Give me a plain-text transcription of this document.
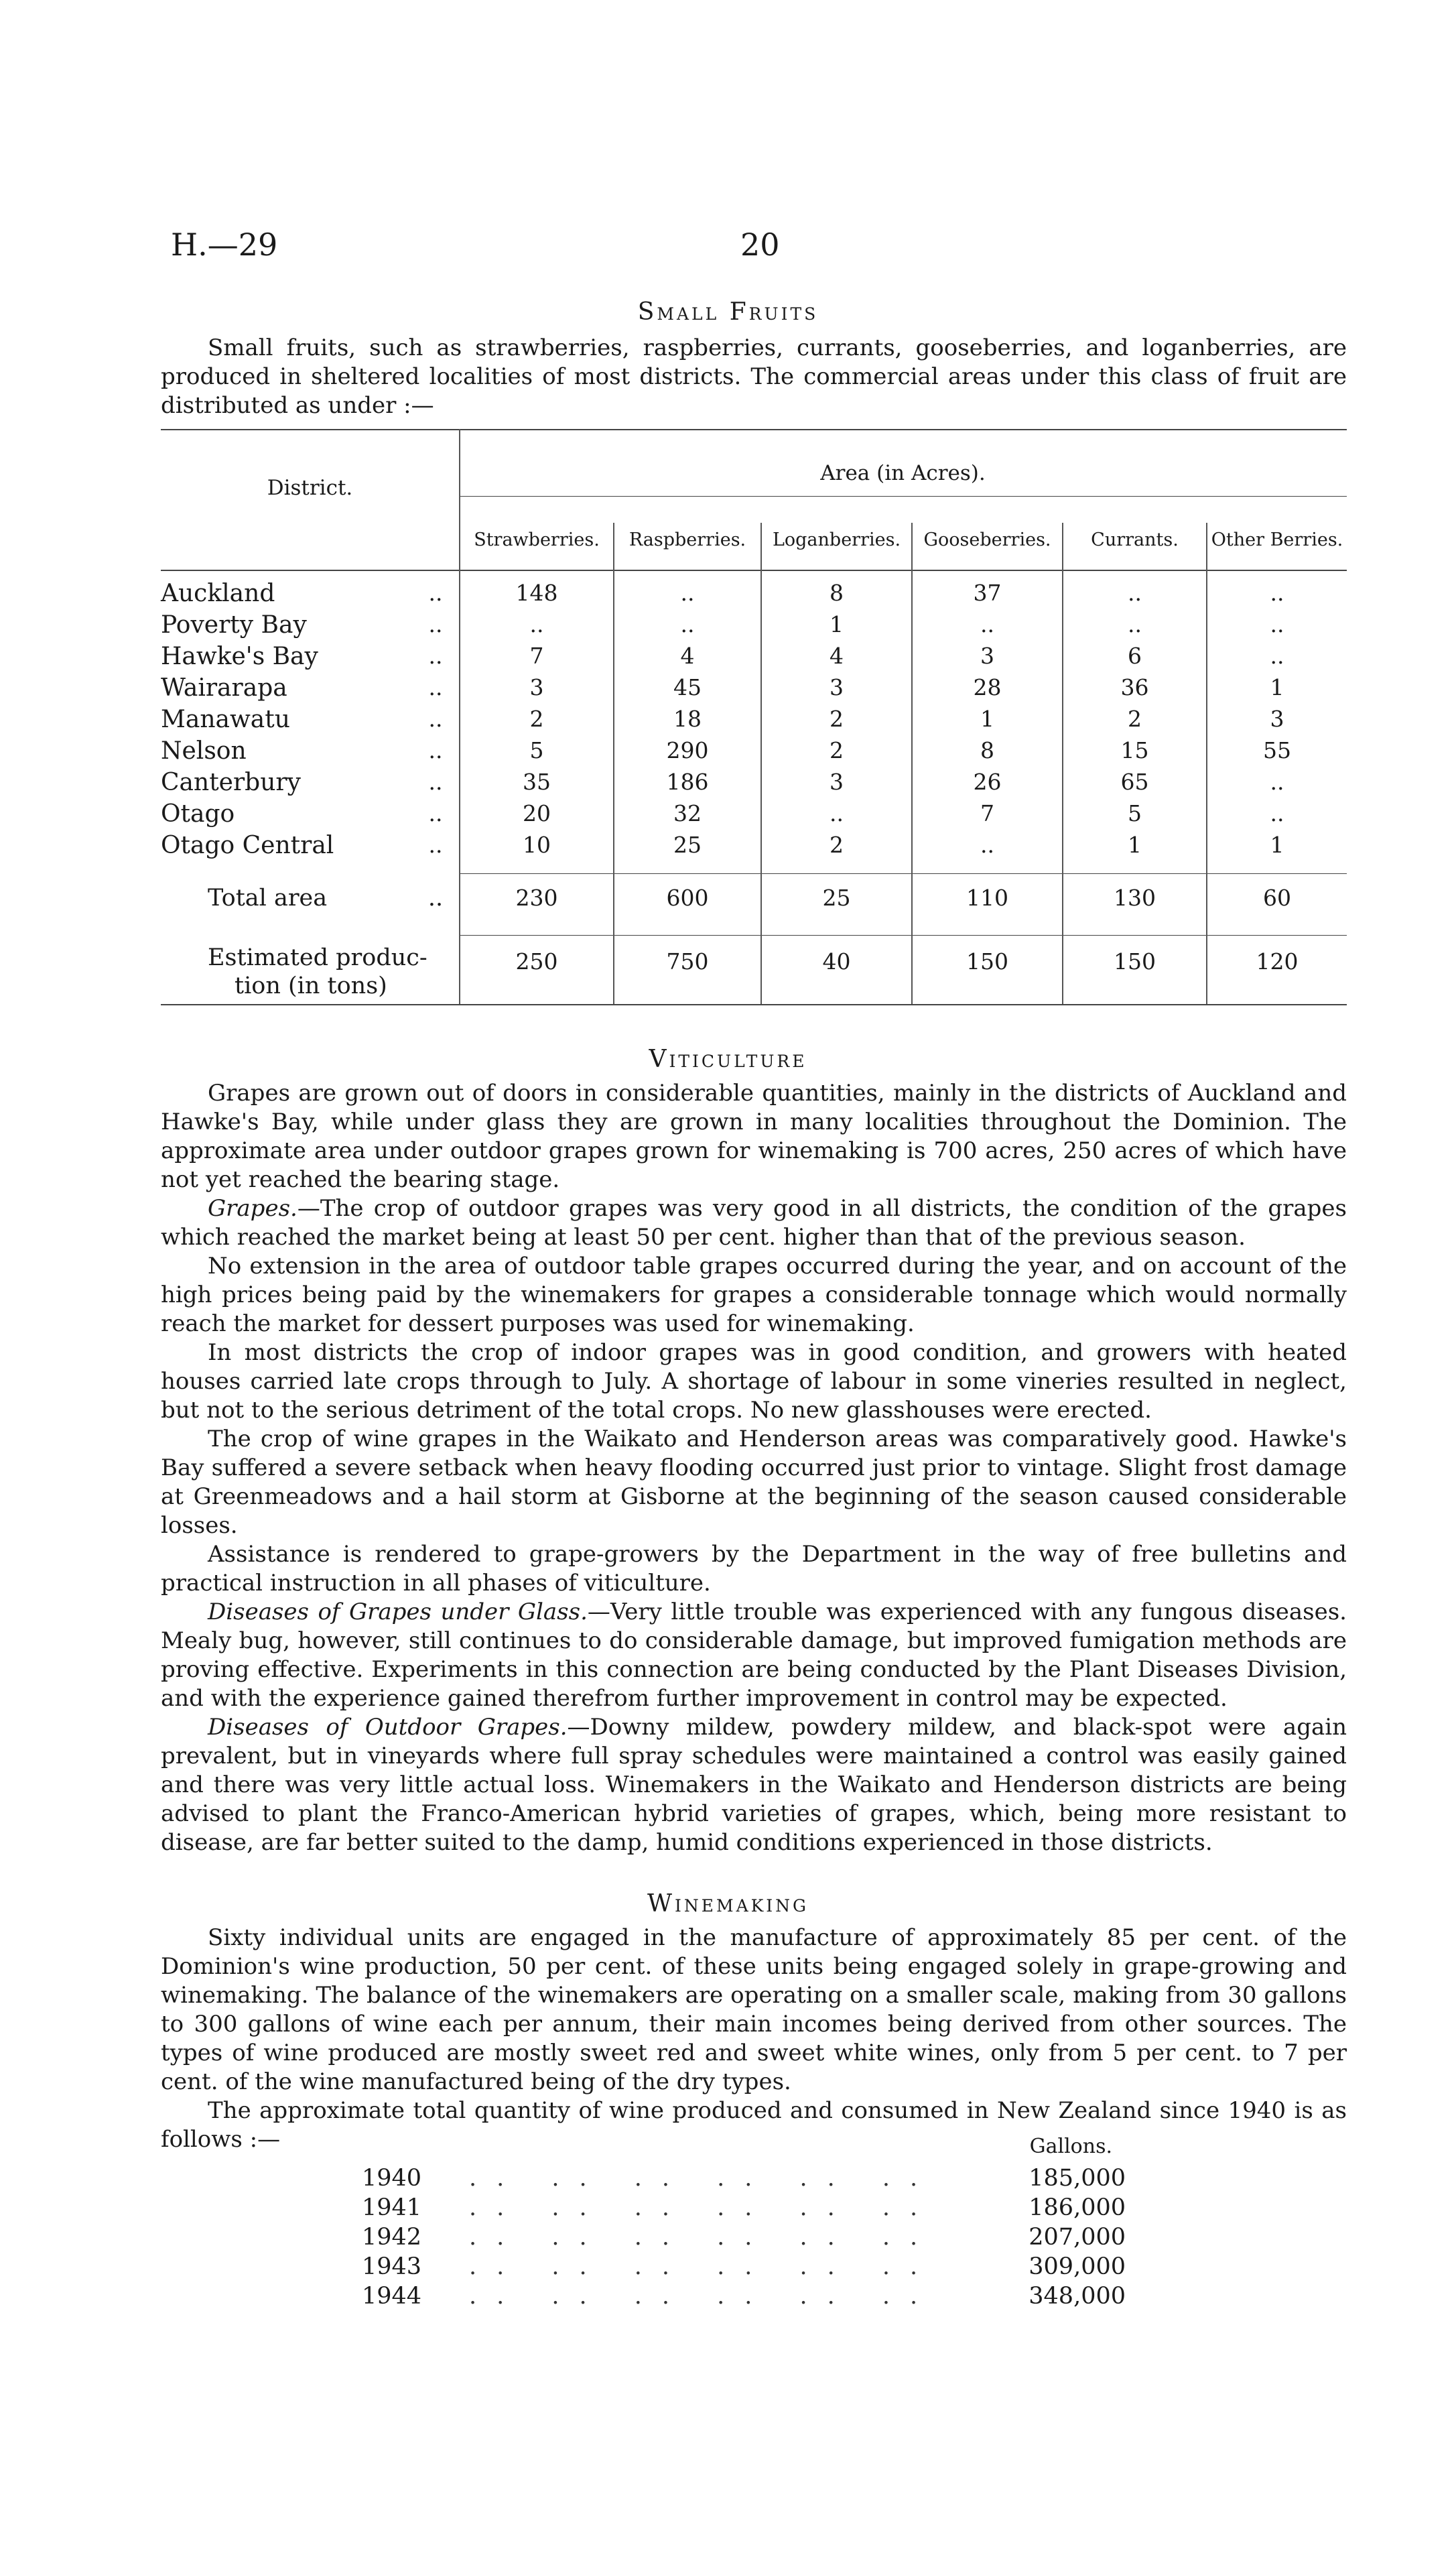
H.—29	20
Small Fruits

Small fruits, such as strawberries, raspberries, currants, gooseberries, and loganberries, are produced in sheltered localities of most districts. The commercial areas under this class of fruit are distributed as under :—

District.
Area (in Acres).
Strawberries.	Raspberries.	Loganberries.	Gooseberries.	Currants.	Other Berries.
Auckland	..	148	..	8	37	..	..
Poverty Bay	..	..	..	1	..	..	..
Hawke's Bay	..	7	4	4	3	6	..
Wairarapa	..	3	45	3	28	36	1
Manawatu	..	2	18	2	1	2	3
Nelson	..	5	290	2	8	15	55
Canterbury	..	35	186	3	26	65	..
Otago	..	20	32	..	7	5	..
Otago Central	..	10	25	2	..	1	1
Total area	..	230	600	25	110	130	60
Estimated produc-
tion (in tons)
250	750	40	150	150	120
Viticulture
Grapes are grown out of doors in considerable quantities, mainly in the districts of Auckland and Hawke's Bay, while under glass they are grown in many localities throughout the Dominion. The approximate area under outdoor grapes grown for winemaking is 700 acres, 250 acres of which have not yet reached the bearing stage.
Grapes.—The crop of outdoor grapes was very good in all districts, the condition of the grapes which reached the market being at least 50 per cent. higher than that of the previous season.
No extension in the area of outdoor table grapes occurred during the year, and on account of the high prices being paid by the winemakers for grapes a considerable tonnage which would normally reach the market for dessert purposes was used for winemaking.
In most districts the crop of indoor grapes was in good condition, and growers with heated houses carried late crops through to July. A shortage of labour in some vineries resulted in neglect, but not to the serious detriment of the total crops. No new glasshouses were erected.
The crop of wine grapes in the Waikato and Henderson areas was comparatively good. Hawke's Bay suffered a severe setback when heavy flooding occurred just prior to vintage. Slight frost damage at Greenmeadows and a hail storm at Gisborne at the beginning of the season caused considerable losses.
Assistance is rendered to grape-growers by the Department in the way of free bulletins and practical instruction in all phases of viticulture.
Diseases of Grapes under Glass.—Very little trouble was experienced with any fungous diseases. Mealy bug, however, still continues to do considerable damage, but improved fumigation methods are proving effective. Experiments in this connection are being conducted by the Plant Diseases Division, and with the experience gained therefrom further improvement in control may be expected.
Diseases of Outdoor Grapes.—Downy mildew, powdery mildew, and black-spot were again prevalent, but in vineyards where full spray schedules were maintained a control was easily gained and there was very little actual loss. Winemakers in the Waikato and Henderson districts are being advised to plant the Franco-American hybrid varieties of grapes, which, being more resistant to disease, are far better suited to the damp, humid conditions experienced in those districts.
Winemaking
Sixty individual units are engaged in the manufacture of approximately 85 per cent. of the Dominion's wine production, 50 per cent. of these units being engaged solely in grape-growing and winemaking. The balance of the winemakers are operating on a smaller scale, making from 30 gallons to 300 gallons of wine each per annum, their main incomes being derived from other sources. The types of wine produced are mostly sweet red and sweet white wines, only from 5 per cent. to 7 per cent. of the wine manufactured being of the dry types.
The approximate total quantity of wine produced and consumed in New Zealand since 1940 is as follows :—	Gallons.
1940 .. .. .. .. .. ..	185,000
1941 .. .. .. .. .. ..	186,000
1942 .. .. .. .. .. ..	207,000
1943 .. .. .. .. .. ..	309,000
1944 .. .. .. .. .. ..	348,000
